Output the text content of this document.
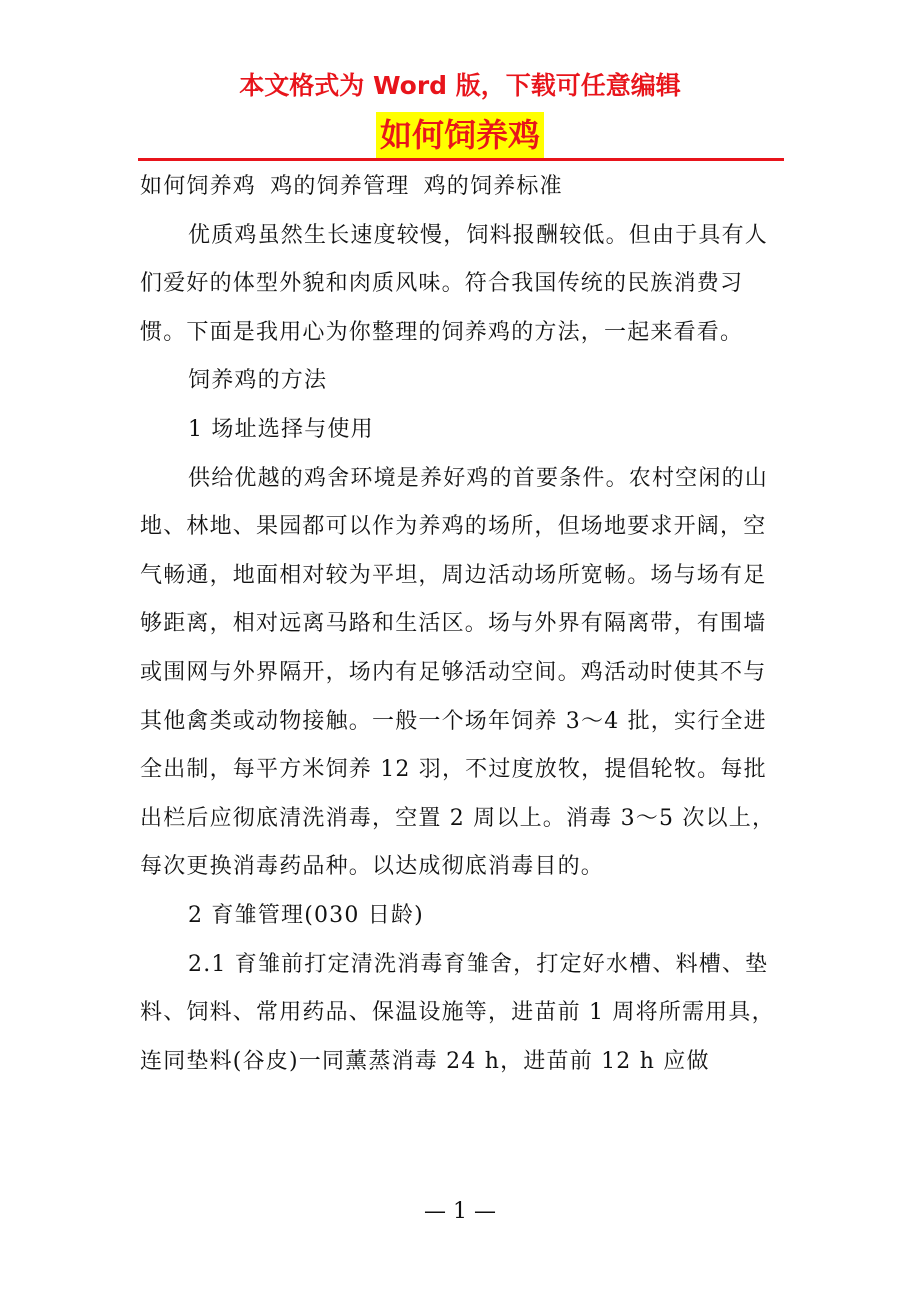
本文格式为 Word 版，下载可任意编辑
如何饲养鸡

如何饲养鸡 鸡的饲养管理 鸡的饲养标准

优质鸡虽然生长速度较慢，饲料报酬较低。但由于具有人们爱好的体型外貌和肉质风味。符合我国传统的民族消费习惯。下面是我用心为你整理的饲养鸡的方法，一起来看看。

饲养鸡的方法

1 场址选择与使用

供给优越的鸡舍环境是养好鸡的首要条件。农村空闲的山地、林地、果园都可以作为养鸡的场所，但场地要求开阔，空气畅通，地面相对较为平坦，周边活动场所宽畅。场与场有足够距离，相对远离马路和生活区。场与外界有隔离带，有围墙或围网与外界隔开，场内有足够活动空间。鸡活动时使其不与其他禽类或动物接触。一般一个场年饲养 3～4 批，实行全进全出制，每平方米饲养 12 羽，不过度放牧，提倡轮牧。每批出栏后应彻底清洗消毒，空置 2 周以上。消毒 3～5 次以上，每次更换消毒药品种。以达成彻底消毒目的。

2 育雏管理(030 日龄)

2.1 育雏前打定清洗消毒育雏舍，打定好水槽、料槽、垫料、饲料、常用药品、保温设施等，进苗前 1 周将所需用具，连同垫料(谷皮)一同薰蒸消毒 24 h，进苗前 12 h 应做

— 1 —
